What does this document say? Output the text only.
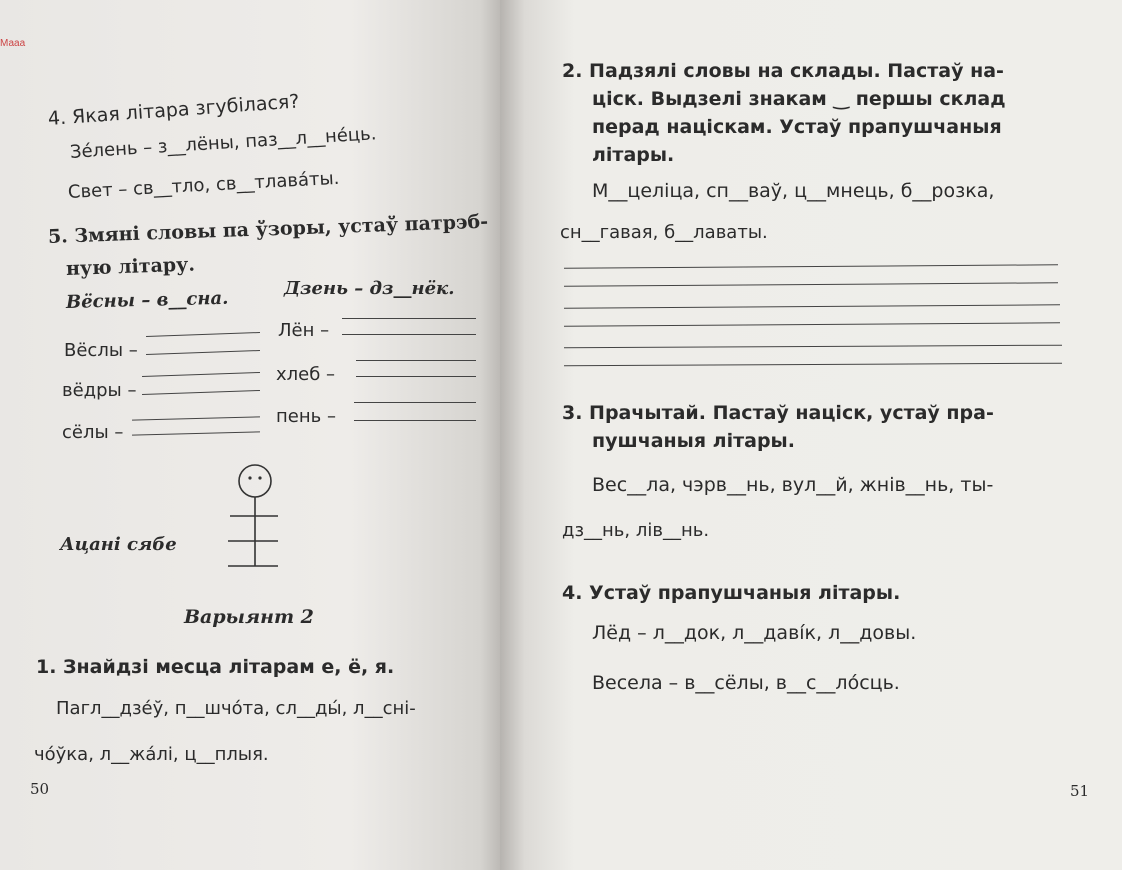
Мааа
4. Якая літара згубілася?
Зе́лень – з__лёны, паз__л__не́ць.
Свет – св__тло, св__тлава́ты.
5. Змяні словы па ўзоры, устаў патрэб-
ную літару.
Вёсны – в__сна.	Дзень – дз__нёк.
Вёслы –
вёдры –
сёлы –
Лён –
хлеб –
пень –
Ацані сябе
Варыянт 2
1. Знайдзі месца літарам е, ё, я.
Пагл__дзе́ў, п__шчо́та, сл__ды́, л__сні-
чо́ўка, л__жа́лі, ц__плыя.
50
2. Падзялі словы на склады. Пастаў на-
ціск. Выдзелі знакам ‿ першы склад
перад націскам. Устаў прапушчаныя
літары.
М__целіца, сп__ваў, ц__мнець, б__розка,
сн__гавая, б__лаваты.
3. Прачытай. Пастаў націск, устаў пра-
пушчаныя літары.
Вес__ла, чэрв__нь, вул__й, жнів__нь, ты-
дз__нь, лів__нь.
4. Устаў прапушчаныя літары.
Лёд – л__док, л__даві́к, л__довы.
Весела – в__сёлы, в__с__ло́сць.
51
